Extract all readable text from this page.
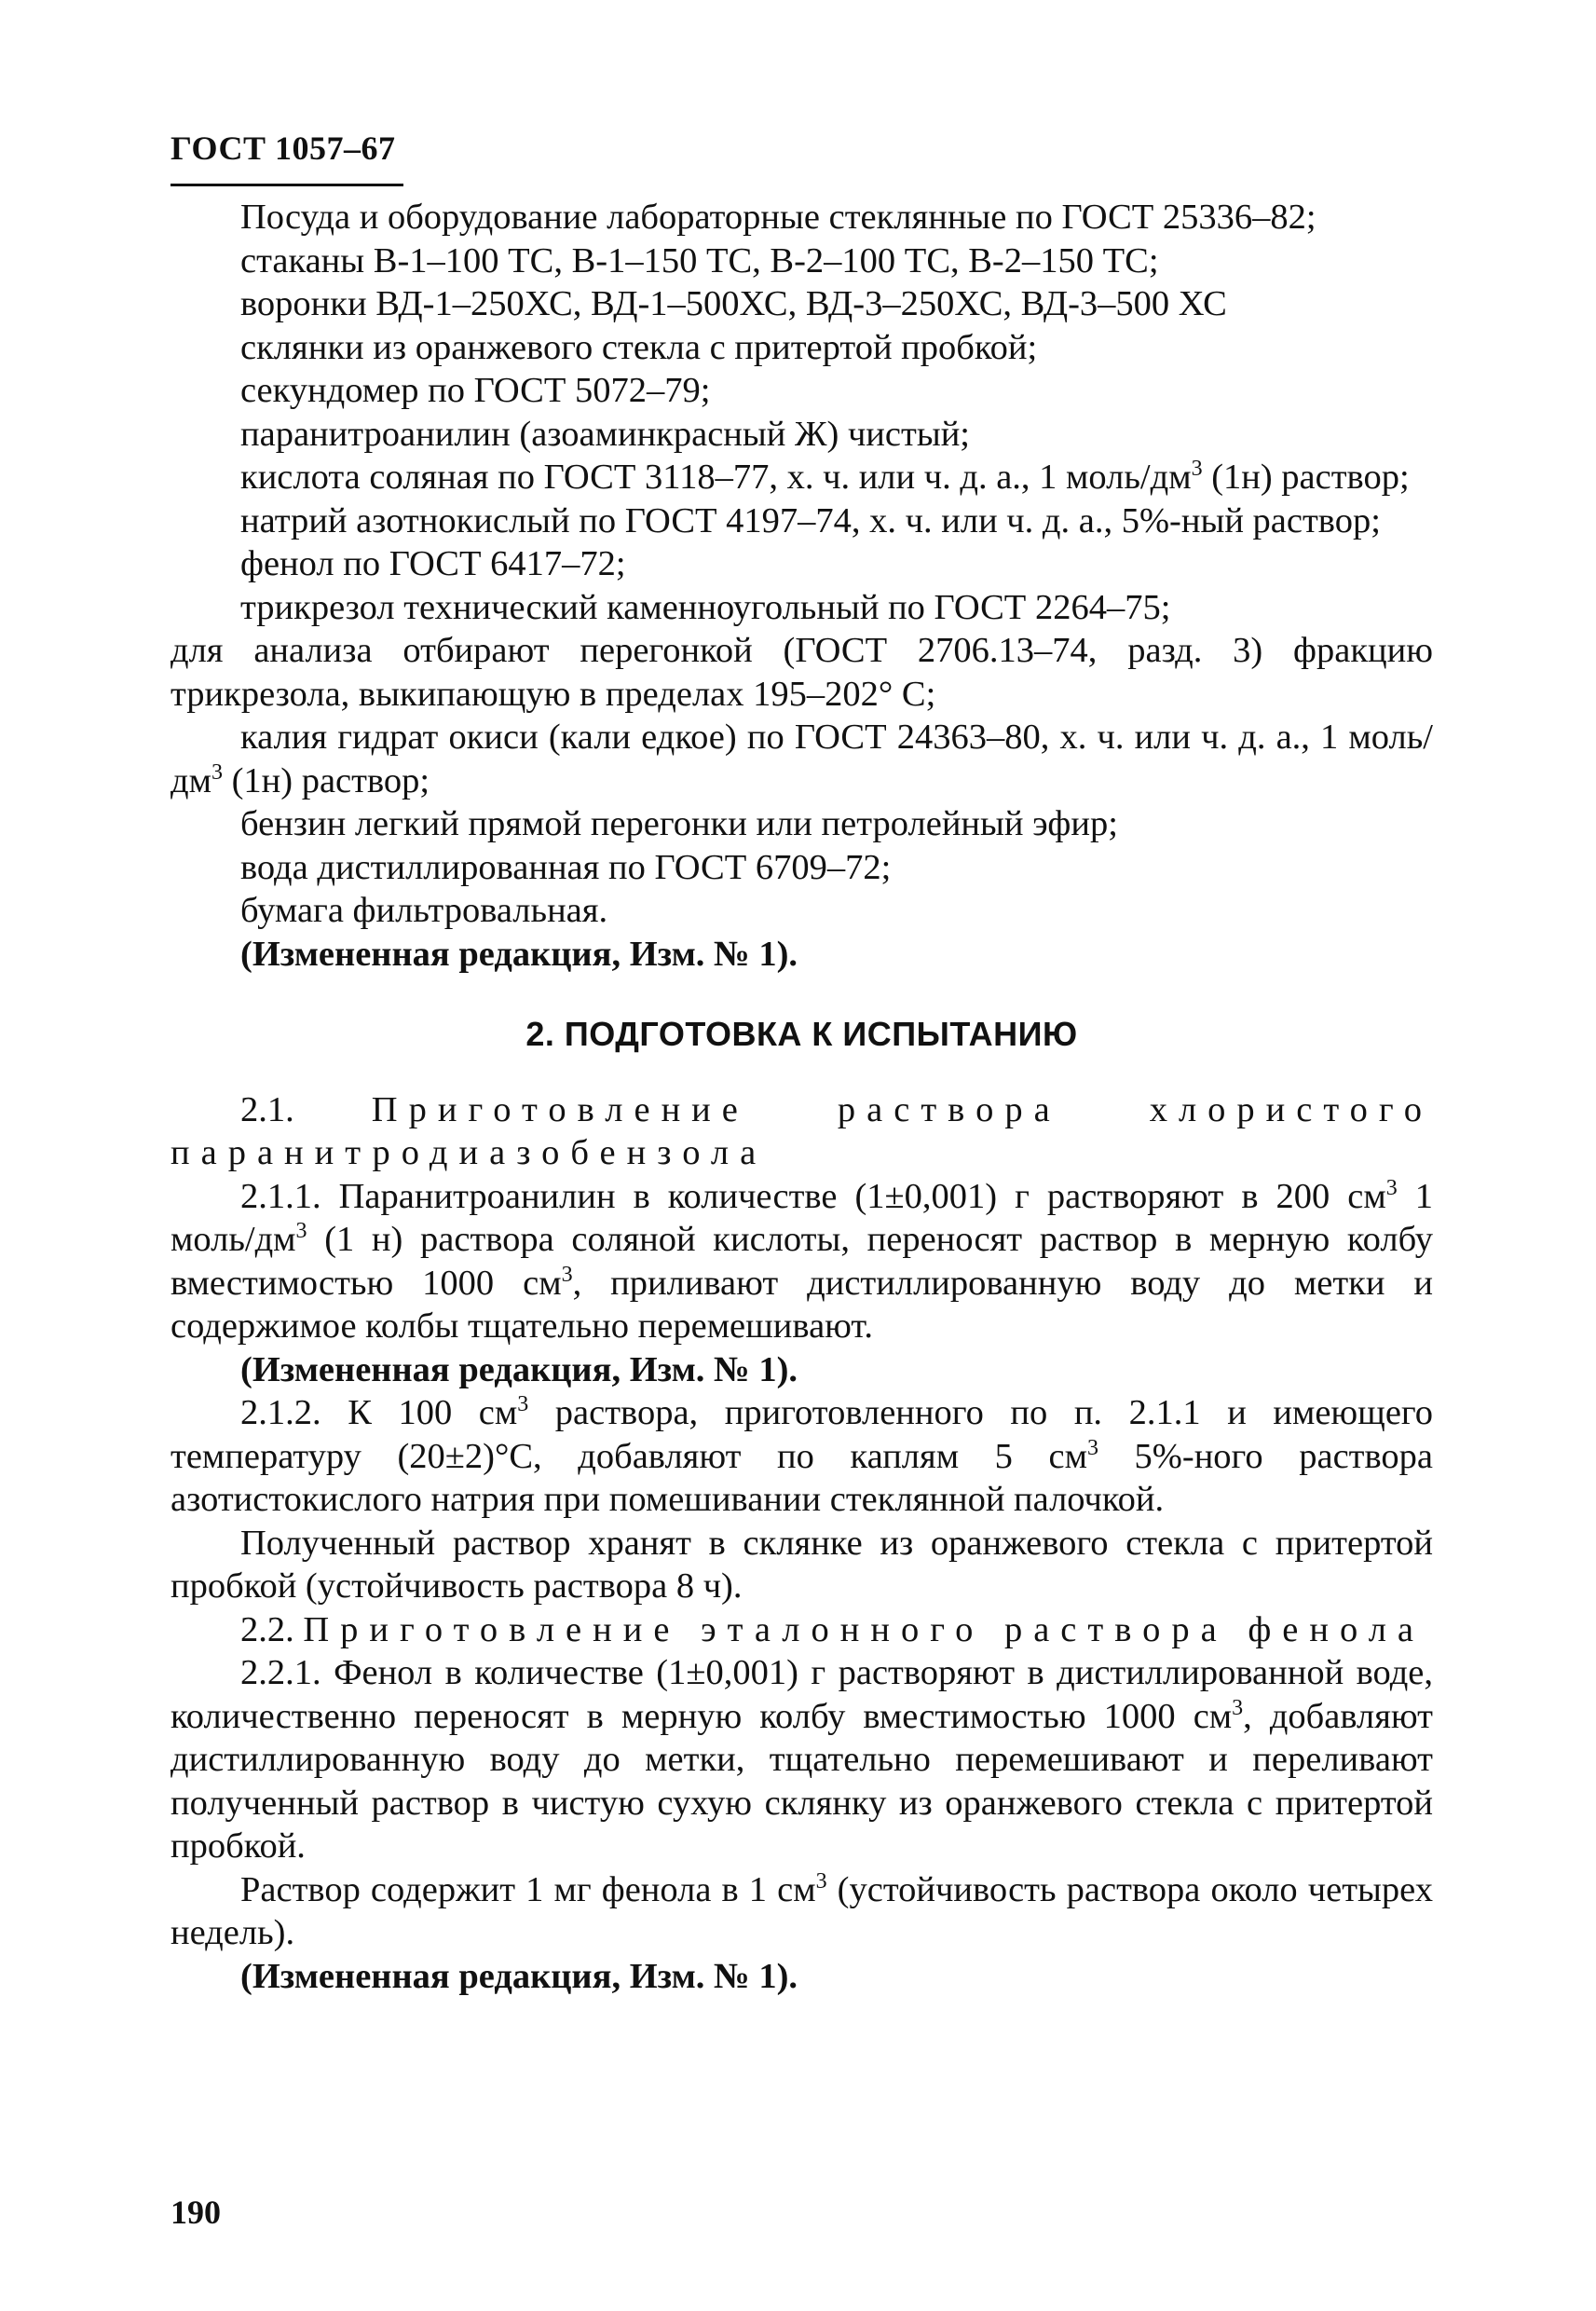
ГОСТ 1057–67

Посуда и оборудование лабораторные стеклянные по ГОСТ 25336–82;

стаканы В-1–100 ТС, В-1–150 ТС, В-2–100 ТС, В-2–150 ТС;

воронки ВД-1–250ХС, ВД-1–500ХС, ВД-3–250ХС, ВД-3–500 ХС

склянки из оранжевого стекла с притертой пробкой;

секундомер по ГОСТ 5072–79;

паранитроанилин (азоаминкрасный Ж) чистый;

кислота соляная по ГОСТ 3118–77, х. ч. или ч. д. а., 1 моль/$дм^3$ (1н) раствор;

натрий азотнокислый по ГОСТ 4197–74, х. ч. или ч. д. а., 5%-ный раствор;

фенол по ГОСТ 6417–72;

трикрезол технический каменноугольный по ГОСТ 2264–75;

для анализа отбирают перегонкой (ГОСТ 2706.13–74, разд. 3) фракцию трикрезола, выкипающую в пределах 195–202° С;

калия гидрат окиси (кали едкое) по ГОСТ 24363–80, х. ч. или ч. д. а., 1 моль/$дм^3$ (1н) раствор;

бензин легкий прямой перегонки или петролейный эфир;

вода дистиллированная по ГОСТ 6709–72;

бумага фильтровальная.

(Измененная редакция, Изм. № 1).

2. ПОДГОТОВКА К ИСПЫТАНИЮ

2.1. Приготовление раствора хлористого паранитродиазобензола

2.1.1. Паранитроанилин в количестве (1±0,001) г растворяют в 200 $см^3$ 1 моль/$дм^3$ (1 н) раствора соляной кислоты, переносят раствор в мерную колбу вместимостью 1000 $см^3$, приливают дистиллированную воду до метки и содержимое колбы тщательно перемешивают.

(Измененная редакция, Изм. № 1).

2.1.2. К 100 $см^3$ раствора, приготовленного по п. 2.1.1 и имеющего температуру (20±2)°С, добавляют по каплям 5 $см^3$ 5%-ного раствора азотистокислого натрия при помешивании стеклянной палочкой.

Полученный раствор хранят в склянке из оранжевого стекла с притертой пробкой (устойчивость раствора 8 ч).

2.2. Приготовление эталонного раствора фенола

2.2.1. Фенол в количестве (1±0,001) г растворяют в дистиллированной воде, количественно переносят в мерную колбу вместимостью 1000 $см^3$, добавляют дистиллированную воду до метки, тщательно перемешивают и переливают полученный раствор в чистую сухую склянку из оранжевого стекла с притертой пробкой.

Раствор содержит 1 мг фенола в 1 $см^3$ (устойчивость раствора около четырех недель).

(Измененная редакция, Изм. № 1).

190
